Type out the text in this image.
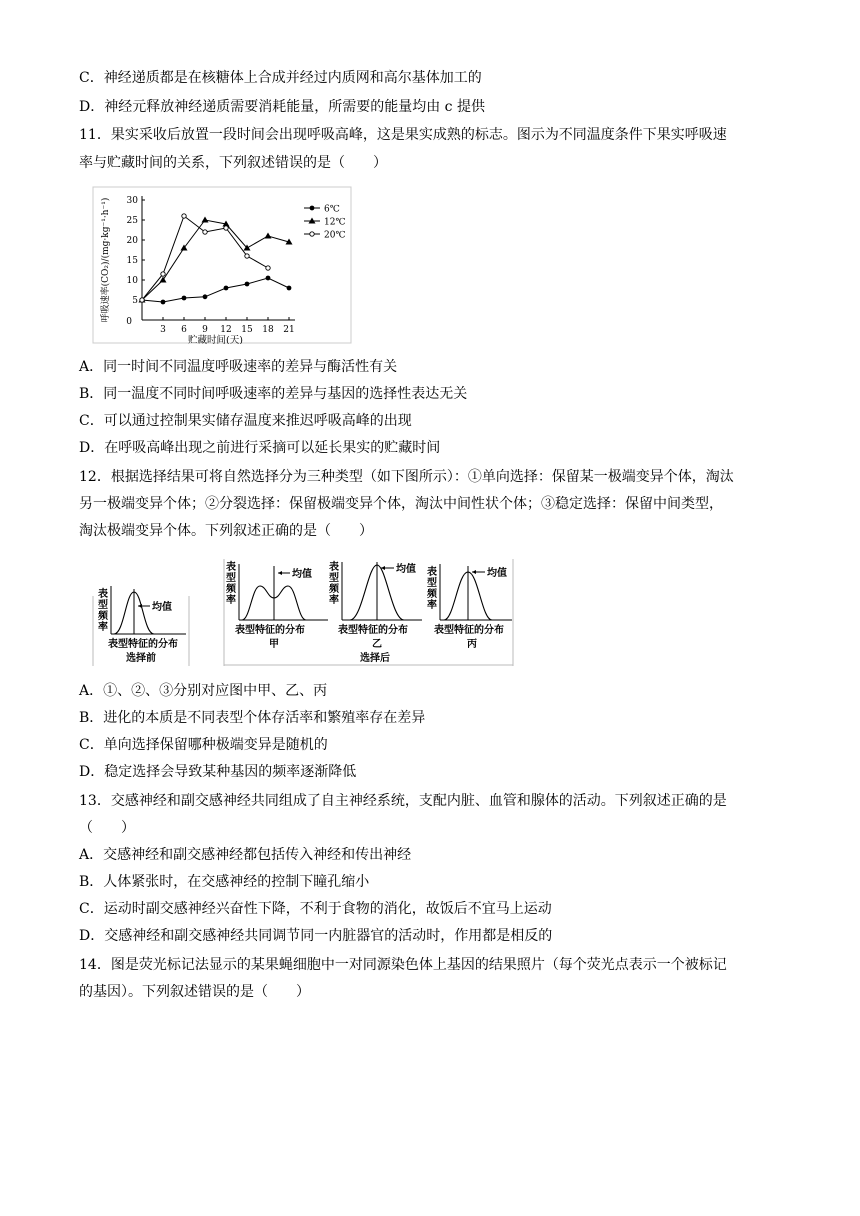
C．神经递质都是在核糖体上合成并经过内质网和高尔基体加工的
D．神经元释放神经递质需要消耗能量，所需要的能量均由 c 提供
11．果实采收后放置一段时间会出现呼吸高峰，这是果实成熟的标志。图示为不同温度条件下果实呼吸速
率与贮藏时间的关系，下列叙述错误的是（　　）
5
10
15
20
25
30
0
3 6 9 12 15 18 21
贮藏时间(天)
呼吸速率(CO₂)/(mg·kg⁻¹·h⁻¹)	6℃
12℃
20℃
A．同一时间不同温度呼吸速率的差异与酶活性有关
B．同一温度不同时间呼吸速率的差异与基因的选择性表达无关
C．可以通过控制果实储存温度来推迟呼吸高峰的出现
D．在呼吸高峰出现之前进行采摘可以延长果实的贮藏时间
12．根据选择结果可将自然选择分为三种类型（如下图所示）：①单向选择：保留某一极端变异个体，淘汰
另一极端变异个体；②分裂选择：保留极端变异个体，淘汰中间性状个体；③稳定选择：保留中间类型，
淘汰极端变异个体。下列叙述正确的是（　　）
表
型
频
率
均值
表型特征的分布
选择前
表
型
频
率
均值
表型特征的分布
甲
表
型
频
率
均值
表型特征的分布
乙
选择后
表
型
频
率
均值
表型特征的分布
丙
A．①、②、③分别对应图中甲、乙、丙
B．进化的本质是不同表型个体存活率和繁殖率存在差异
C．单向选择保留哪种极端变异是随机的
D．稳定选择会导致某种基因的频率逐渐降低
13．交感神经和副交感神经共同组成了自主神经系统，支配内脏、血管和腺体的活动。下列叙述正确的是
（　　）
A．交感神经和副交感神经都包括传入神经和传出神经
B．人体紧张时，在交感神经的控制下瞳孔缩小
C．运动时副交感神经兴奋性下降，不利于食物的消化，故饭后不宜马上运动
D．交感神经和副交感神经共同调节同一内脏器官的活动时，作用都是相反的
14．图是荧光标记法显示的某果蝇细胞中一对同源染色体上基因的结果照片（每个荧光点表示一个被标记
的基因）。下列叙述错误的是（　　）
